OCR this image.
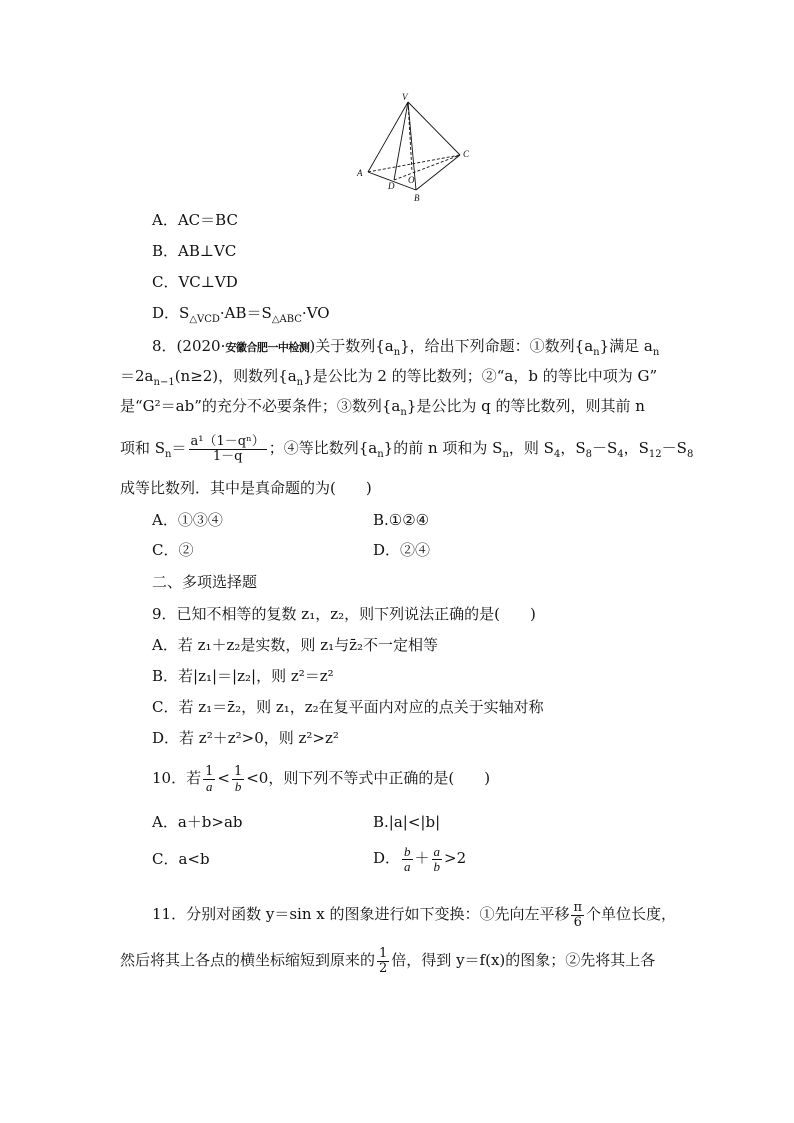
V
A
B
C
D
O
A．AC＝BC
B．AB⊥VC
C．VC⊥VD
D．$S_{\triangle VCD}\cdot AB=S_{\triangle ABC}\cdot VO$
8．(2020·安徽合肥一中检测)关于数列$\{a_n\}$，给出下列命题：①数列$\{a_n\}$满足 $a_n$
$=2a_{n-1}(n\ge 2)$，则数列$\{a_n\}$是公比为 2 的等比数列；②“a，b 的等比中项为 G”
是“G²＝ab”的充分不必要条件；③数列$\{a_n\}$是公比为 q 的等比数列，则其前 n
项和 $S_n= \frac{\text{a¹（1－qⁿ）}}{1-q}$ ；④等比数列$\{a_n\}$的前 n 项和为 $S_n$，则 $S_4$，$S_8-S_4$，$S_{12}-S_8$
成等比数列．其中是真命题的为(　　)
A．①③④	B.①②④
C．②	D．②④
二、多项选择题
9．已知不相等的复数 z₁，z₂，则下列说法正确的是(　　)
A．若 z₁＋z₂是实数，则 z₁与z̄₂不一定相等
B．若|z₁|＝|z₂|，则 z²＝z²
C．若 z₁＝z̄₂，则 z₁，z₂在复平面内对应的点关于实轴对称
D．若 z²＋z²>0，则 z²>z²
10．若 $\frac{1}{a} < \frac{1}{b} <0$，则下列不等式中正确的是(　　)
A．a＋b>ab	B.|a|<|b|
C．a<b	D． $\frac{b}{a} + \frac{a}{b} >2$
11．分别对函数 y＝sin x 的图象进行如下变换：①先向左平移 $\frac{\pi}{6}$ 个单位长度，
然后将其上各点的横坐标缩短到原来的 $\frac{1}{2}$ 倍，得到 y＝f(x)的图象；②先将其上各
